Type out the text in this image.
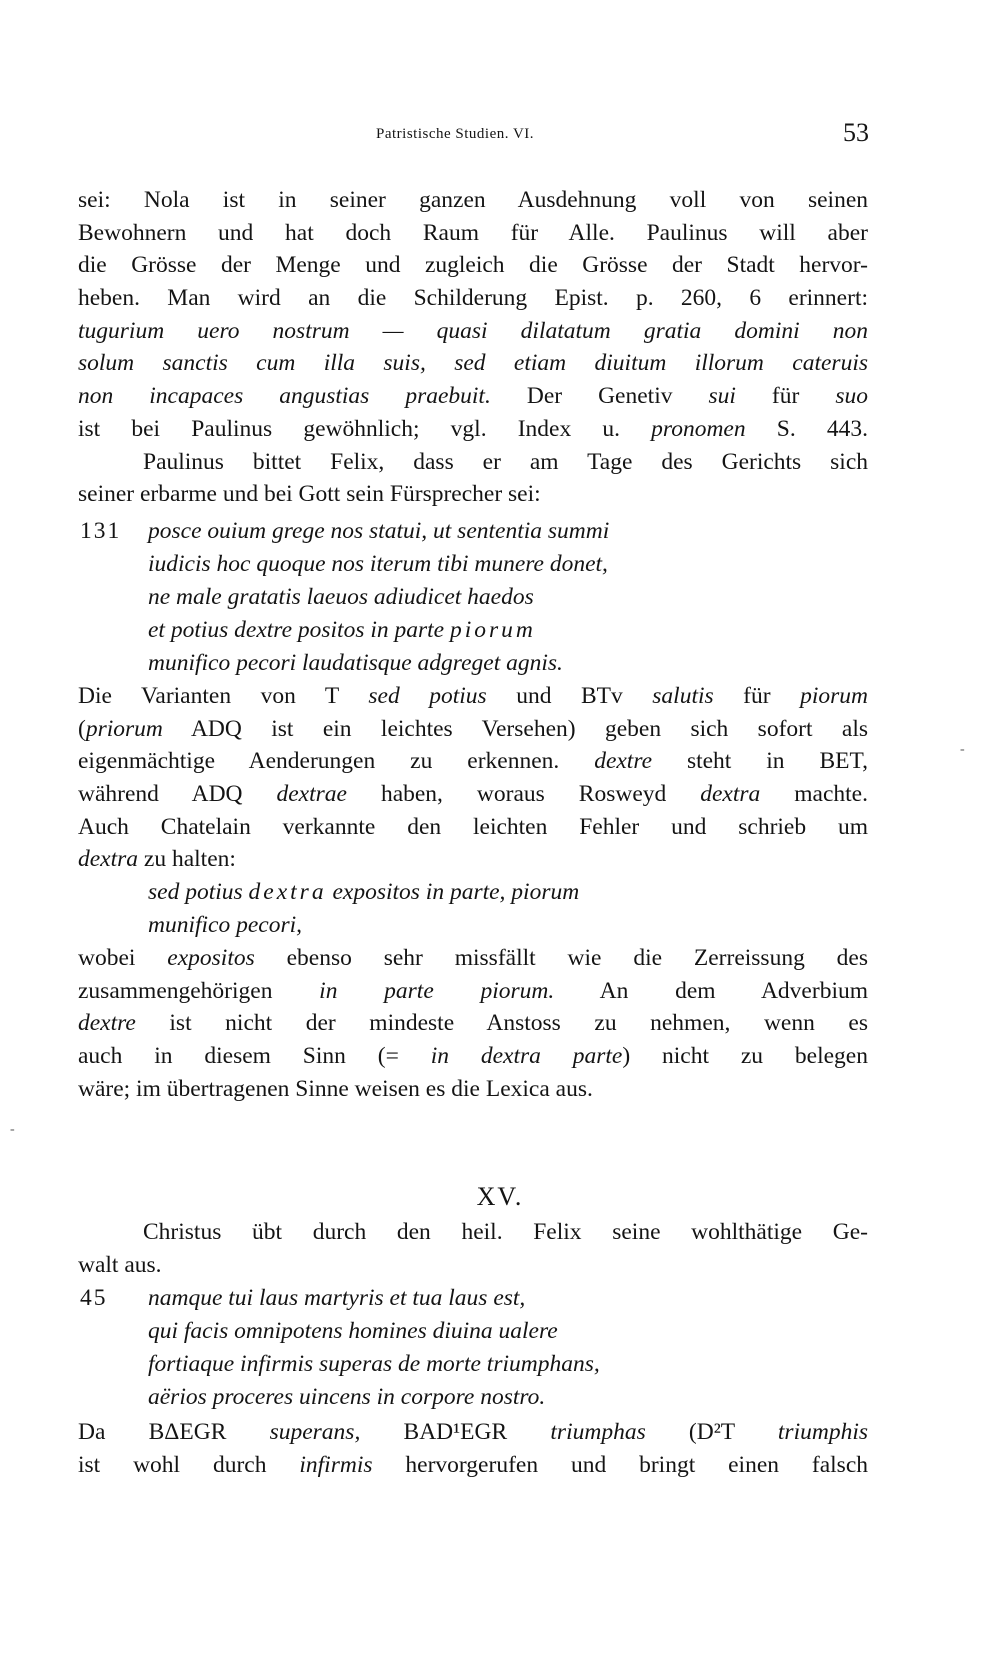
Patristische Studien. VI.	53
-
-
sei: Nola ist in seiner ganzen Ausdehnung voll von seinen
Bewohnern und hat doch Raum für Alle. Paulinus will aber
die Grösse der Menge und zugleich die Grösse der Stadt hervor-
heben. Man wird an die Schilderung Epist. p. 260, 6 erinnert:
tugurium uero nostrum — quasi dilatatum gratia domini non
solum sanctis cum illa suis, sed etiam diuitum illorum cateruis
non incapaces angustias praebuit. Der Genetiv sui für suo
ist bei Paulinus gewöhnlich; vgl. Index u. pronomen S. 443.
Paulinus bittet Felix, dass er am Tage des Gerichts sich
seiner erbarme und bei Gott sein Fürsprecher sei:
131 posce ouium grege nos statui, ut sententia summi
iudicis hoc quoque nos iterum tibi munere donet,
ne male gratatis laeuos adiudicet haedos
et potius dextre positos in parte piorum
munifico pecori laudatisque adgreget agnis.
Die Varianten von T sed potius und BTv salutis für piorum
(priorum ADQ ist ein leichtes Versehen) geben sich sofort als
eigenmächtige Aenderungen zu erkennen. dextre steht in BET,
während ADQ dextrae haben, woraus Rosweyd dextra machte.
Auch Chatelain verkannte den leichten Fehler und schrieb um
dextra zu halten:
sed potius dextra expositos in parte, piorum
munifico pecori,
wobei expositos ebenso sehr missfällt wie die Zerreissung des
zusammengehörigen in parte piorum. An dem Adverbium
dextre ist nicht der mindeste Anstoss zu nehmen, wenn es
auch in diesem Sinn (= in dextra parte) nicht zu belegen
wäre; im übertragenen Sinne weisen es die Lexica aus.
XV.
Christus übt durch den heil. Felix seine wohlthätige Ge-
walt aus.
45 namque tui laus martyris et tua laus est,
qui facis omnipotens homines diuina ualere
fortiaque infirmis superas de morte triumphans,
aërios proceres uincens in corpore nostro.
Da BΔEGR superans, BAD¹EGR triumphas (D²T triumphis
ist wohl durch infirmis hervorgerufen und bringt einen falsch
